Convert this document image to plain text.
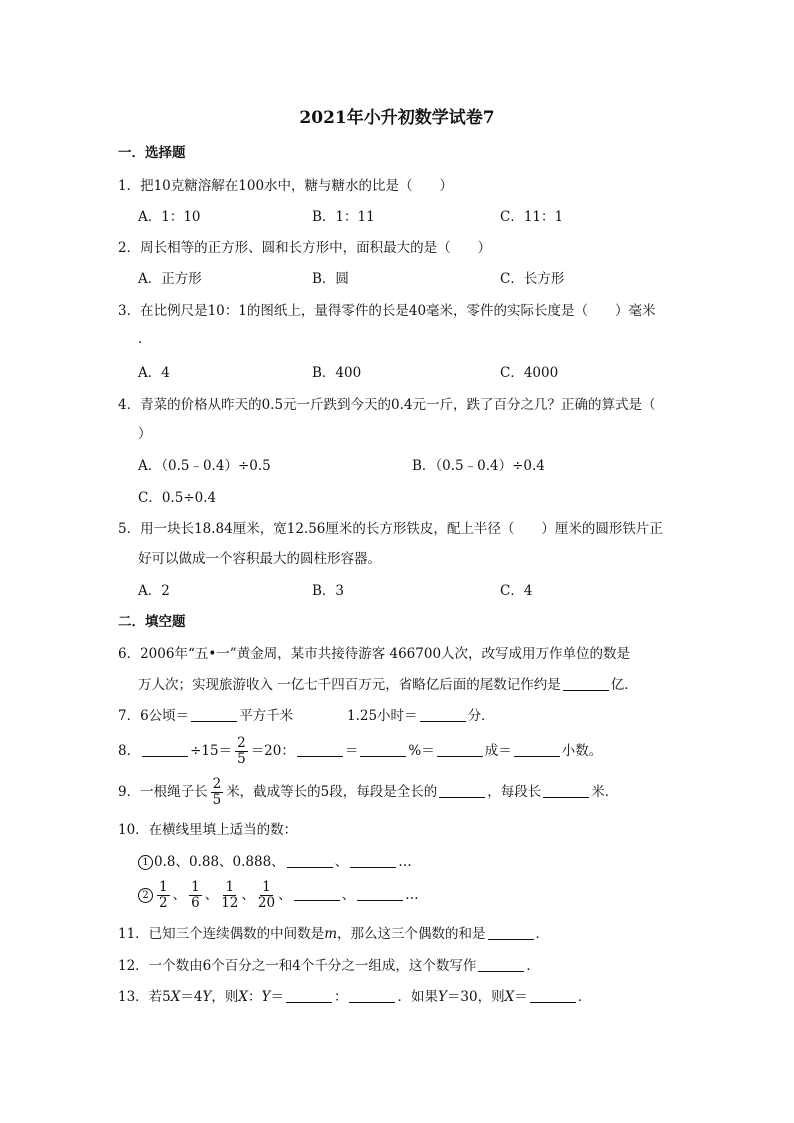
2021年小升初数学试卷7
一．选择题
1．把10克糖溶解在100水中，糖与糖水的比是（　　）
A．1：10	B．1：11	C．11：1
2．周长相等的正方形、圆和长方形中，面积最大的是（　　）
A．正方形	B．圆	C．长方形
3．在比例尺是10：1的图纸上，量得零件的长是40毫米，零件的实际长度是（　　）毫米
.
A．4	B．400	C．4000
4．青菜的价格从昨天的0.5元一斤跌到今天的0.4元一斤，跌了百分之几？正确的算式是（
）
A．（0.5﹣0.4）÷0.5	B．（0.5﹣0.4）÷0.4
C．0.5÷0.4
5．用一块长18.84厘米，宽12.56厘米的长方形铁皮，配上半径（　　）厘米的圆形铁片正
好可以做成一个容积最大的圆柱形容器。
A．2	B．3	C．4
二．填空题
6．2006年“五•一”黄金周，某市共接待游客 466700人次，改写成用万作单位的数是
万人次；实现旅游收入 一亿七千四百万元，省略亿后面的尾数记作约是	亿．
7．6公顷＝	平方千米	1.25小时＝	分．
8．	$\div 15= \frac{2}{5} =20$：	＝	%＝	成＝	小数。
9．一根绳子长 $\frac{2}{5}$ 米，截成等长的5段，每段是全长的	，每段长	米．
10．在横线里填上适当的数：
1 0.8、0.88、0.888、	、	…
$2 \frac{1}{2}$ 、 $\frac{1}{6}$ 、 $\frac{1}{12}$ 、 $\frac{1}{20}$ 、	、	…
11．已知三个连续偶数的中间数是m，那么这三个偶数的和是	．
12．一个数由6个百分之一和4个千分之一组成，这个数写作	．
13．若5X＝4Y，则X：Y＝	：	．如果Y＝30，则X＝	．
